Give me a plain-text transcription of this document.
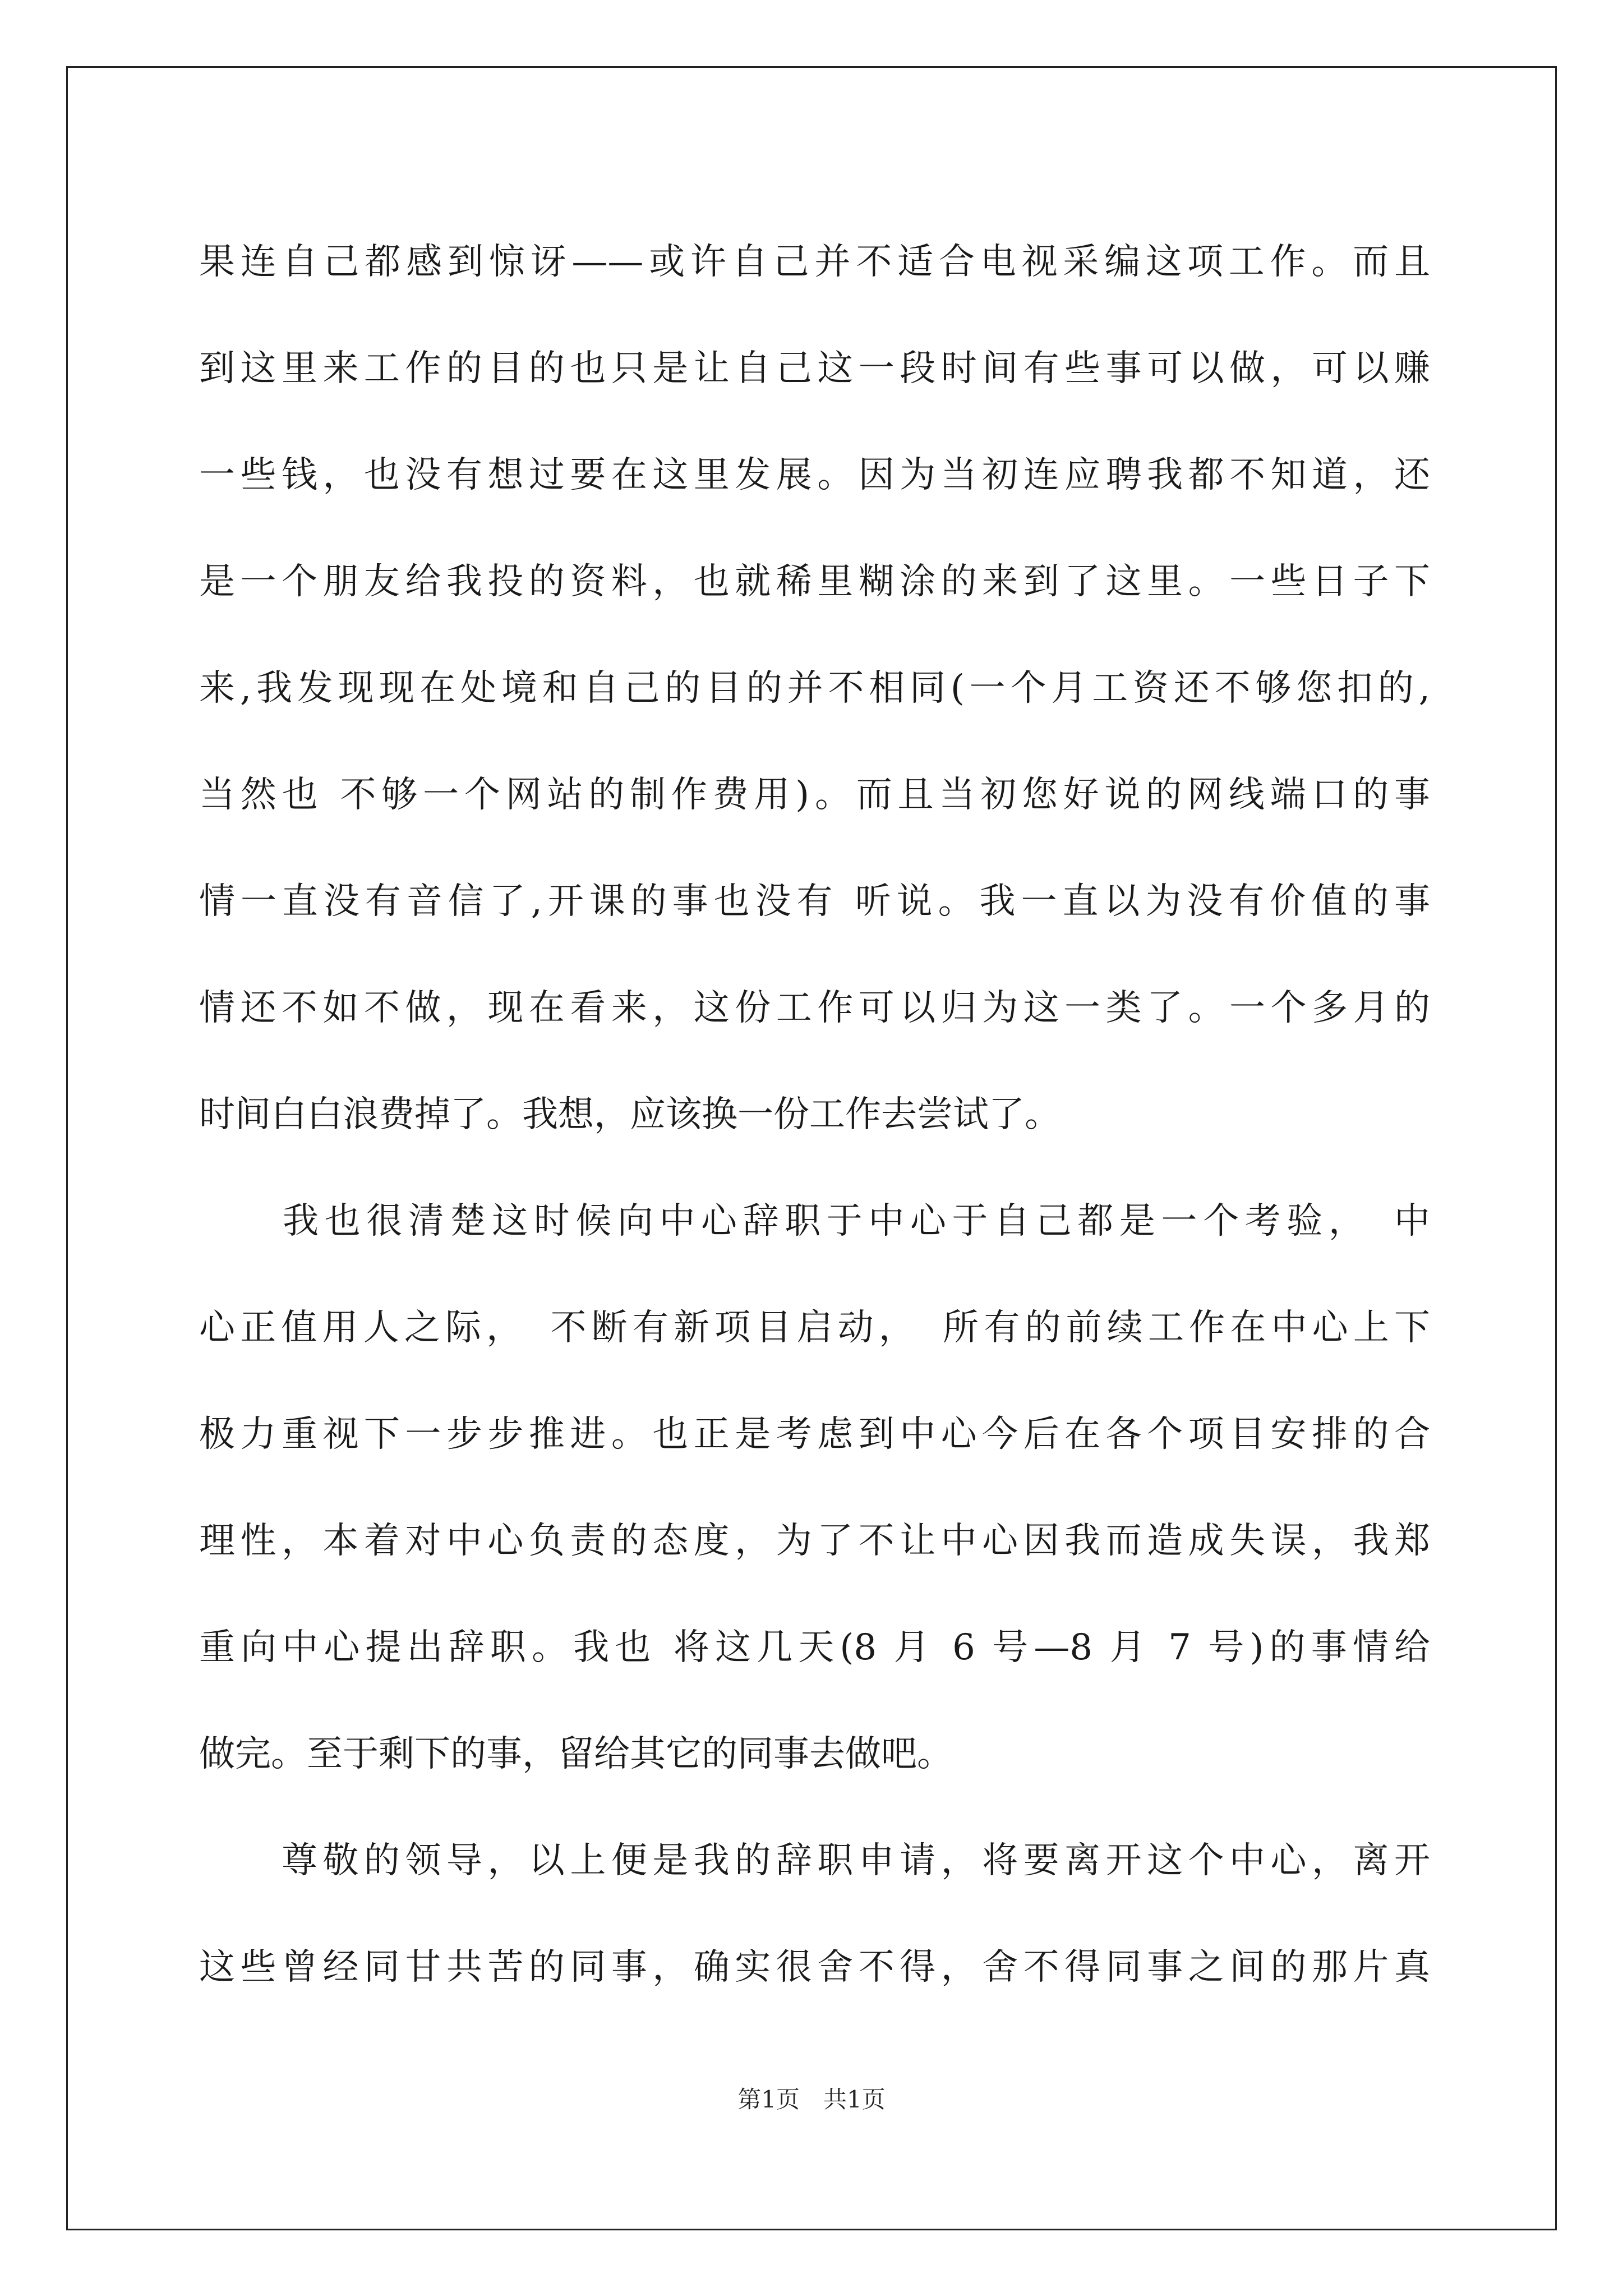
果连自己都感到惊讶——或许自己并不适合电视采编这项工作。而且
到这里来工作的目的也只是让自己这一段时间有些事可以做，可以赚
一些钱，也没有想过要在这里发展。因为当初连应聘我都不知道，还
是一个朋友给我投的资料，也就稀里糊涂的来到了这里。一些日子下
来,我发现现在处境和自己的目的并不相同(一个月工资还不够您扣的,
当然也 不够一个网站的制作费用)。而且当初您好说的网线端口的事
情一直没有音信了,开课的事也没有 听说。我一直以为没有价值的事
情还不如不做，现在看来，这份工作可以归为这一类了。一个多月的
时间白白浪费掉了。我想，应该换一份工作去尝试了。
　　我也很清楚这时候向中心辞职于中心于自己都是一个考验，　中
心正值用人之际，　不断有新项目启动，　所有的前续工作在中心上下
极力重视下一步步推进。也正是考虑到中心今后在各个项目安排的合
理性，本着对中心负责的态度，为了不让中心因我而造成失误，我郑
重向中心提出辞职。我也 将这几天(8 月 6 号—8 月 7 号)的事情给
做完。至于剩下的事，留给其它的同事去做吧。
　　尊敬的领导，以上便是我的辞职申请，将要离开这个中心，离开
这些曾经同甘共苦的同事，确实很舍不得，舍不得同事之间的那片真
第1页　共1页
